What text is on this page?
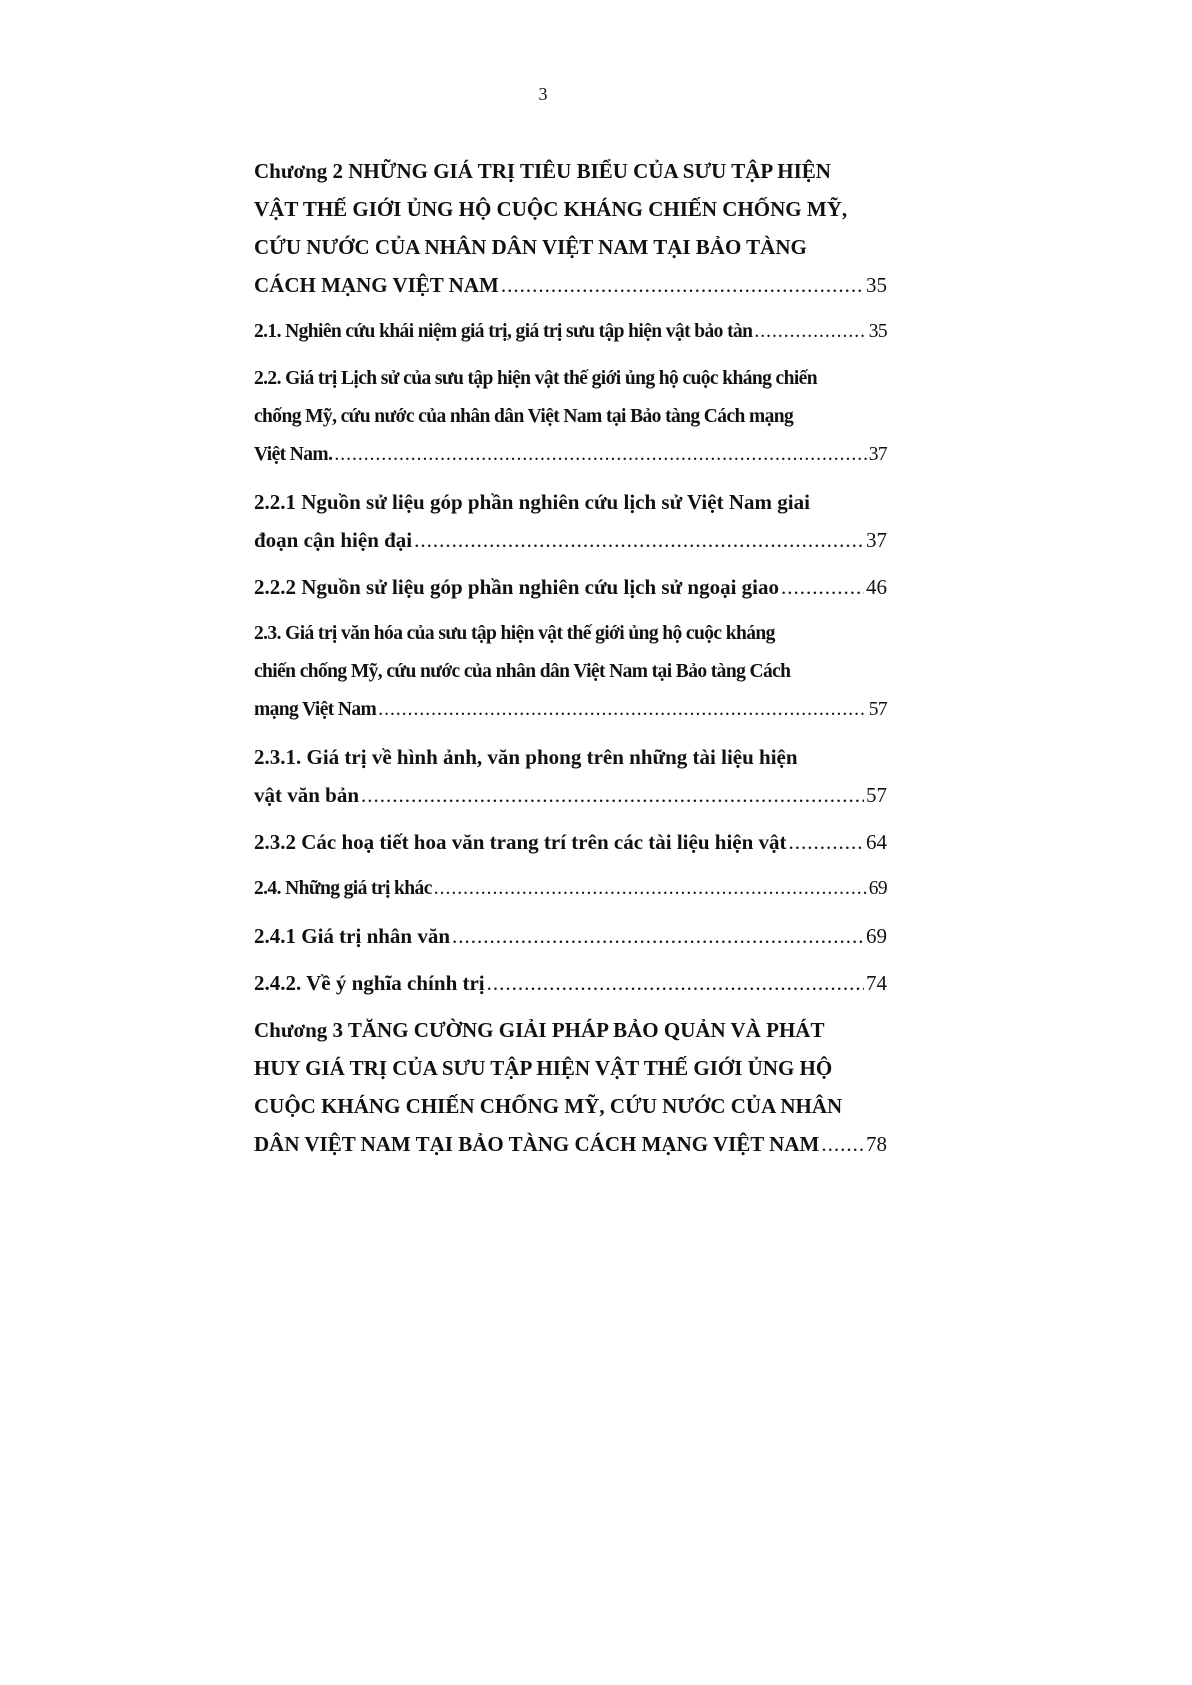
3
Chương 2 NHỮNG GIÁ TRỊ TIÊU BIỂU CỦA SƯU TẬP HIỆN
VẬT THẾ GIỚI ỦNG HỘ CUỘC KHÁNG CHIẾN CHỐNG MỸ,
CỨU NƯỚC CỦA NHÂN DÂN VIỆT NAM TẠI BẢO TÀNG
CÁCH MẠNG VIỆT NAM .....	35
2.1. Nghiên cứu khái niệm giá trị, giá trị sưu tập hiện vật bảo tàn .....	35
2.2. Giá trị Lịch sử của sưu tập hiện vật thế giới ủng hộ cuộc kháng chiến
chống Mỹ, cứu nước của nhân dân Việt Nam tại Bảo tàng Cách mạng
Việt Nam. .....	37
2.2.1 Nguồn sử liệu góp phần nghiên cứu lịch sử Việt Nam giai
đoạn cận hiện đại .....	37
2.2.2 Nguồn sử liệu góp phần nghiên cứu lịch sử ngoại giao .....	46
2.3. Giá trị văn hóa của sưu tập hiện vật thế giới ủng hộ cuộc kháng
chiến chống Mỹ, cứu nước của nhân dân Việt Nam tại Bảo tàng Cách
mạng Việt Nam .....	57
2.3.1. Giá trị về hình ảnh, văn phong trên những tài liệu hiện
vật văn bản .....	57
2.3.2 Các hoạ tiết hoa văn trang trí trên các tài liệu hiện vật .....	64
2.4. Những giá trị khác .....	69
2.4.1 Giá trị nhân văn .....	69
2.4.2. Về ý nghĩa chính trị .....	74
Chương 3 TĂNG CƯỜNG GIẢI PHÁP BẢO QUẢN VÀ PHÁT
HUY GIÁ TRỊ CỦA SƯU TẬP HIỆN VẬT THẾ GIỚI ỦNG HỘ
CUỘC KHÁNG CHIẾN CHỐNG MỸ, CỨU NƯỚC CỦA NHÂN
DÂN VIỆT NAM TẠI BẢO TÀNG CÁCH MẠNG VIỆT NAM ..... 78
